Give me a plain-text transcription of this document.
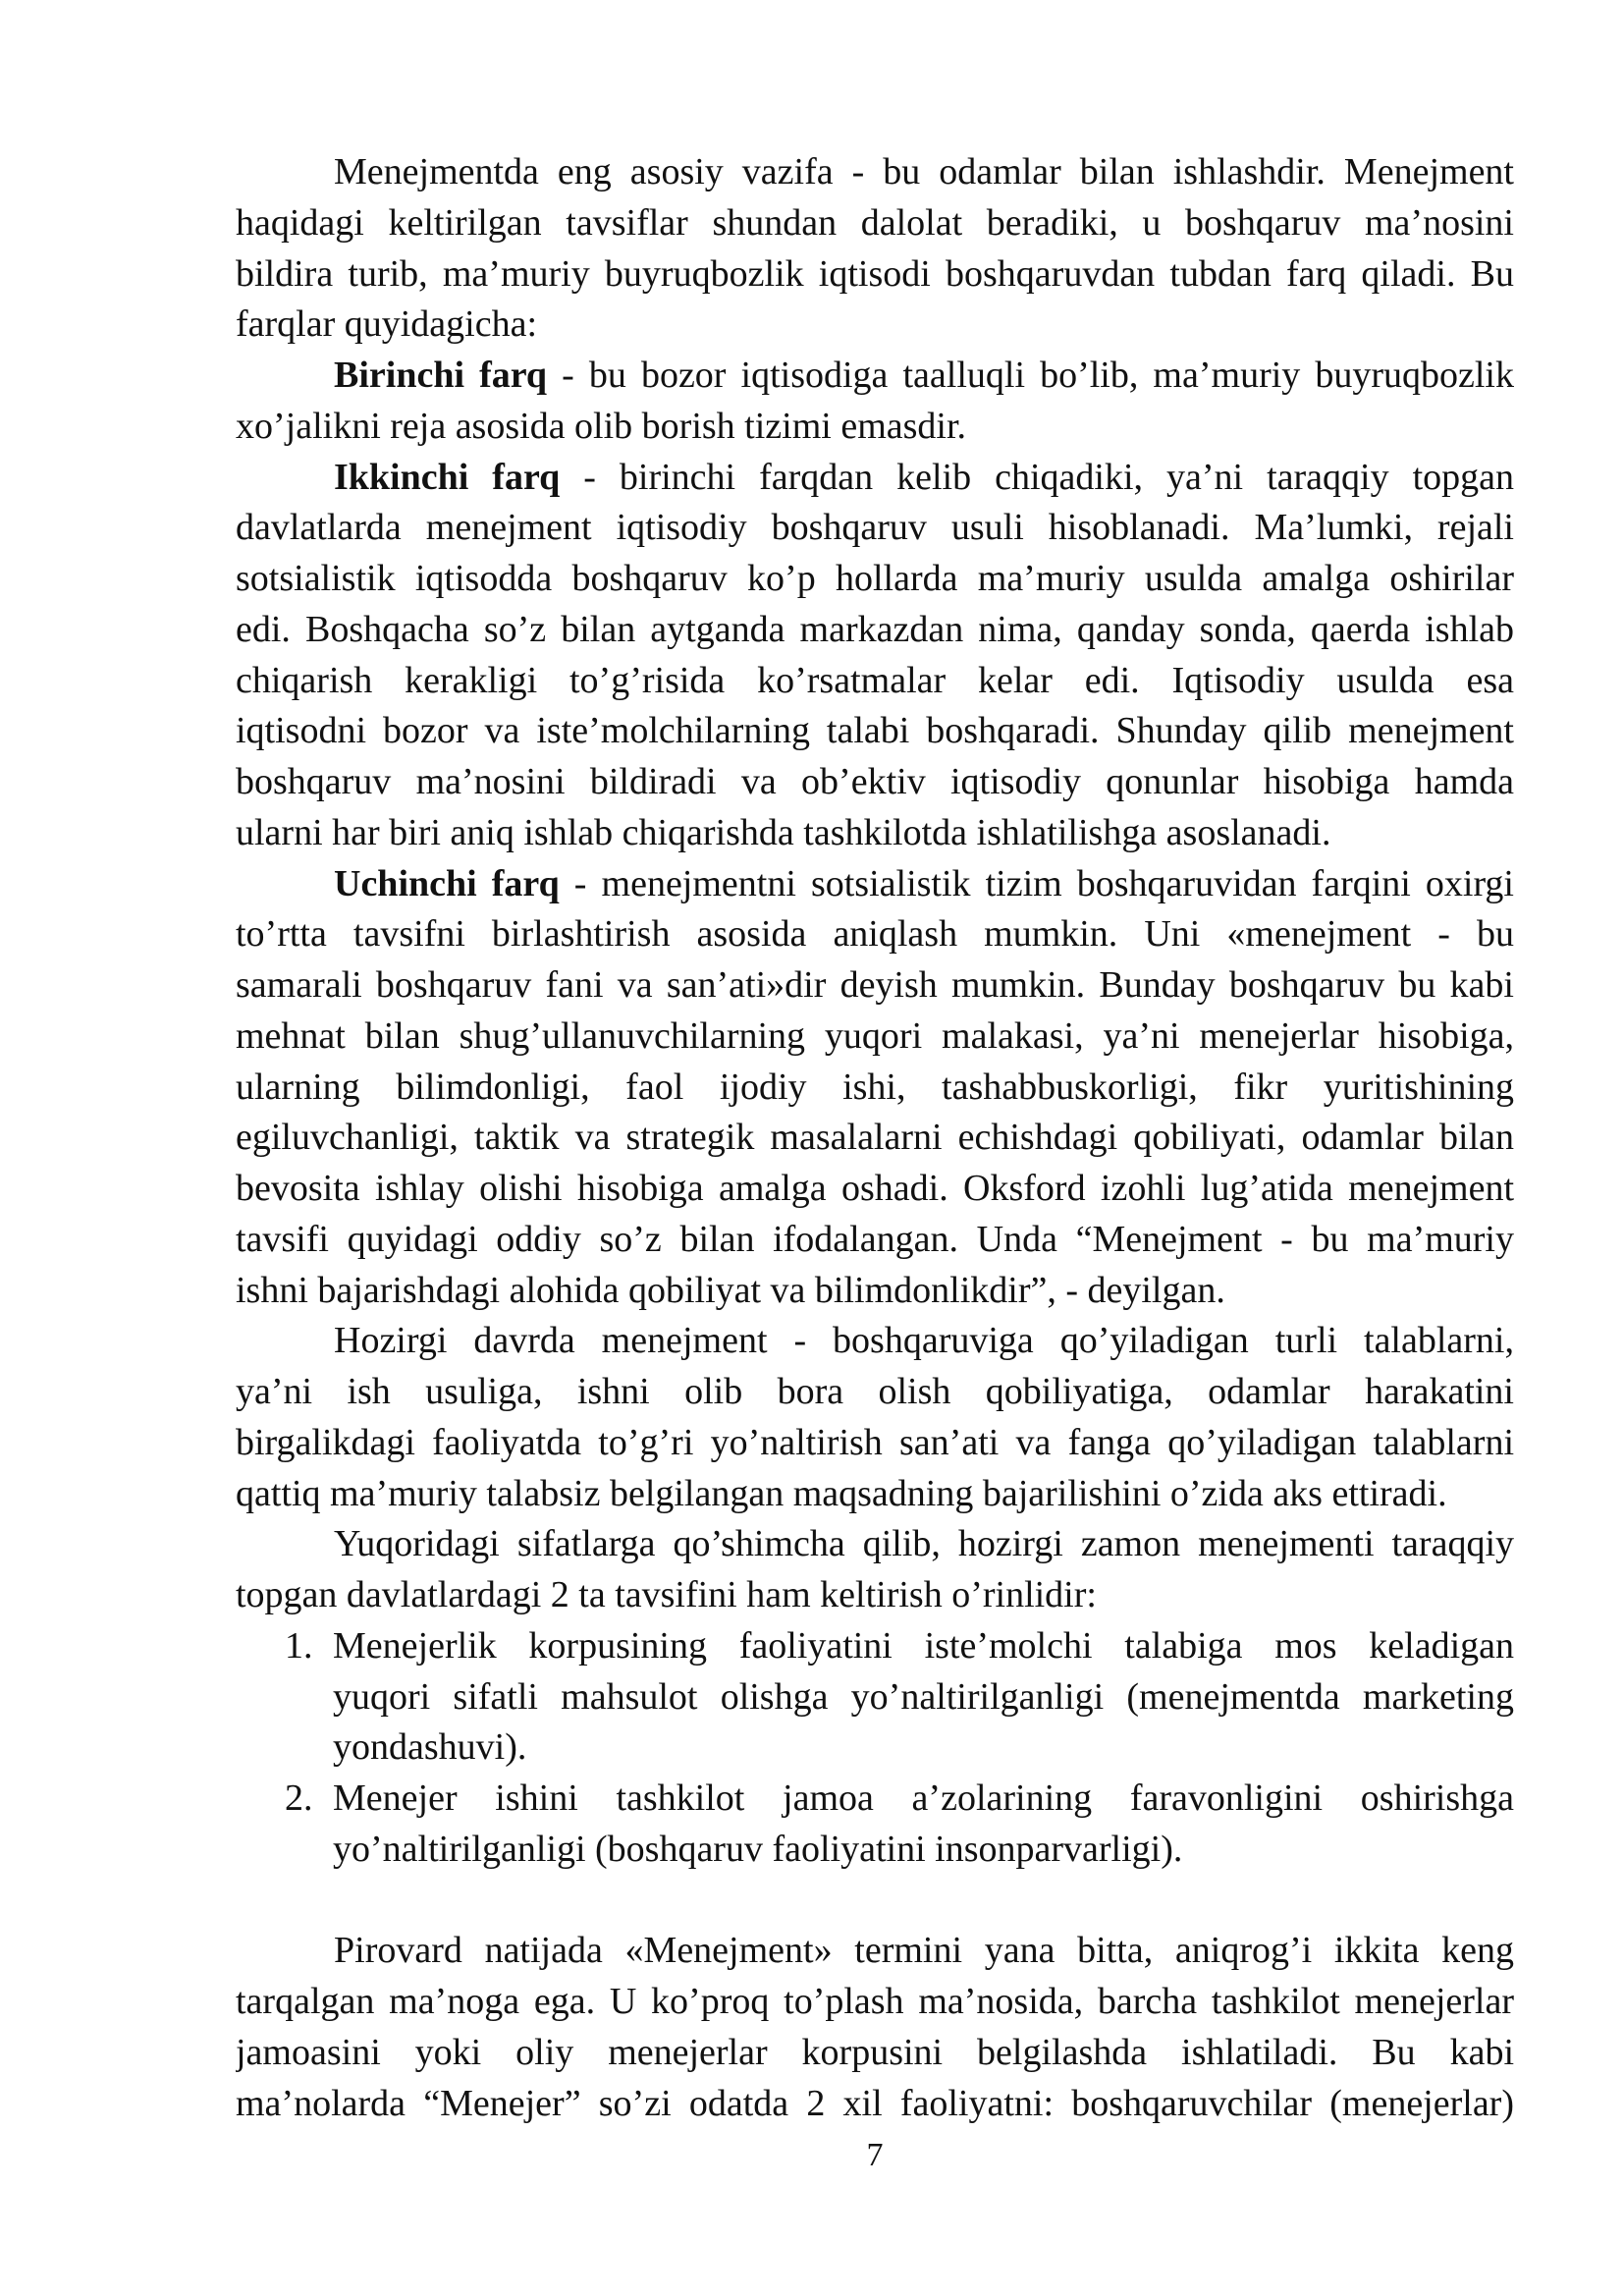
Menejmentda eng asosiy vazifa - bu odamlar bilan ishlashdir. Menejment
haqidagi keltirilgan tavsiflar shundan dalolat beradiki, u boshqaruv ma’nosini
bildira turib, ma’muriy buyruqbozlik iqtisodi boshqaruvdan tubdan farq qiladi. Bu
farqlar quyidagicha:
Birinchi farq - bu bozor iqtisodiga taalluqli bo’lib, ma’muriy buyruqbozlik
xo’jalikni reja asosida olib borish tizimi emasdir.
Ikkinchi farq - birinchi farqdan kelib chiqadiki, ya’ni taraqqiy topgan
davlatlarda menejment iqtisodiy boshqaruv usuli hisoblanadi. Ma’lumki, rejali
sotsialistik iqtisodda boshqaruv ko’p hollarda ma’muriy usulda amalga oshirilar
edi. Boshqacha so’z bilan aytganda markazdan nima, qanday sonda, qaerda ishlab
chiqarish kerakligi to’g’risida ko’rsatmalar kelar edi. Iqtisodiy usulda esa
iqtisodni bozor va iste’molchilarning talabi boshqaradi. Shunday qilib menejment
boshqaruv ma’nosini bildiradi va ob’ektiv iqtisodiy qonunlar hisobiga hamda
ularni har biri aniq ishlab chiqarishda tashkilotda ishlatilishga asoslanadi.
Uchinchi farq - menejmentni sotsialistik tizim boshqaruvidan farqini oxirgi
to’rtta tavsifni birlashtirish asosida aniqlash mumkin. Uni «menejment - bu
samarali boshqaruv fani va san’ati»dir deyish mumkin. Bunday boshqaruv bu kabi
mehnat bilan shug’ullanuvchilarning yuqori malakasi, ya’ni menejerlar hisobiga,
ularning bilimdonligi, faol ijodiy ishi, tashabbuskorligi, fikr yuritishining
egiluvchanligi, taktik va strategik masalalarni echishdagi qobiliyati, odamlar bilan
bevosita ishlay olishi hisobiga amalga oshadi. Oksford izohli lug’atida menejment
tavsifi quyidagi oddiy so’z bilan ifodalangan. Unda “Menejment - bu ma’muriy
ishni bajarishdagi alohida qobiliyat va bilimdonlikdir”, - deyilgan.
Hozirgi davrda menejment - boshqaruviga qo’yiladigan turli talablarni,
ya’ni ish usuliga, ishni olib bora olish qobiliyatiga, odamlar harakatini
birgalikdagi faoliyatda to’g’ri yo’naltirish san’ati va fanga qo’yiladigan talablarni
qattiq ma’muriy talabsiz belgilangan maqsadning bajarilishini o’zida aks ettiradi.
Yuqoridagi sifatlarga qo’shimcha qilib, hozirgi zamon menejmenti taraqqiy
topgan davlatlardagi 2 ta tavsifini ham keltirish o’rinlidir:
1. Menejerlik korpusining faoliyatini iste’molchi talabiga mos keladigan
yuqori sifatli mahsulot olishga yo’naltirilganligi (menejmentda marketing
yondashuvi).
2. Menejer ishini tashkilot jamoa a’zolarining faravonligini oshirishga
yo’naltirilganligi (boshqaruv faoliyatini insonparvarligi).
Pirovard natijada «Menejment» termini yana bitta, aniqrog’i ikkita keng
tarqalgan ma’noga ega. U ko’proq to’plash ma’nosida, barcha tashkilot menejerlar
jamoasini yoki oliy menejerlar korpusini belgilashda ishlatiladi. Bu kabi
ma’nolarda “Menejer” so’zi odatda 2 xil faoliyatni: boshqaruvchilar (menejerlar)
7
